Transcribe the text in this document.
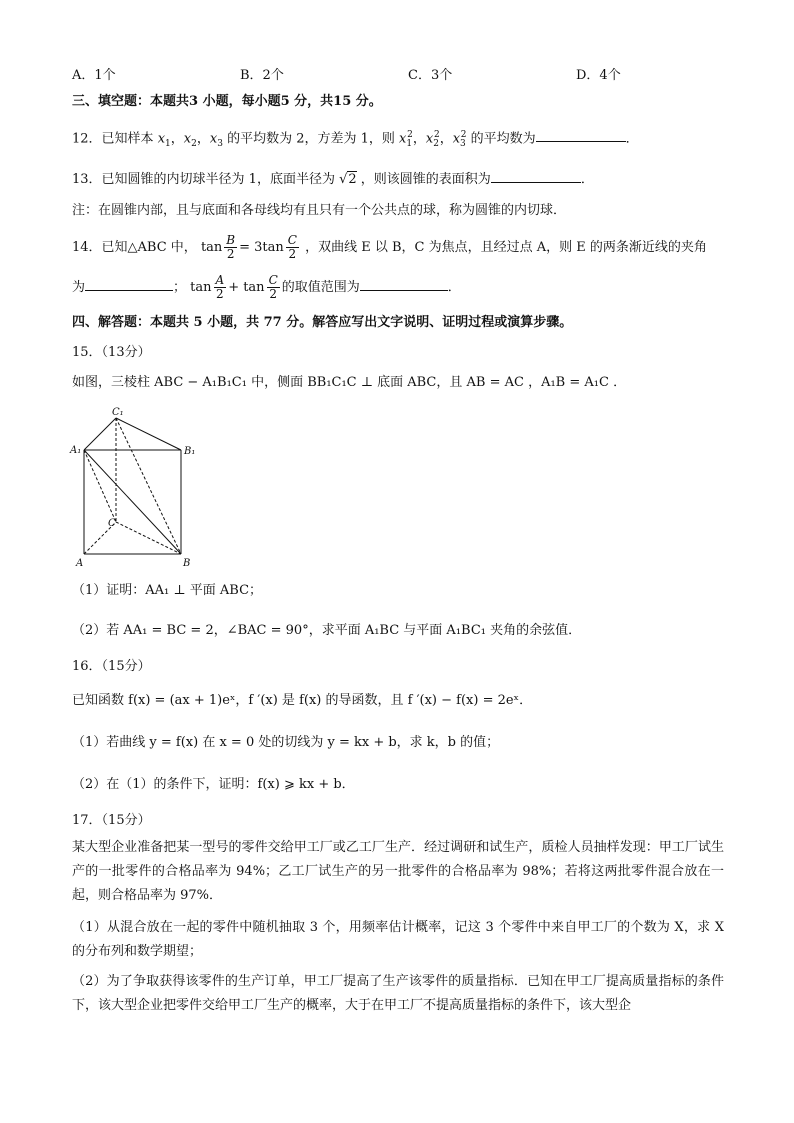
A．1个	B．2个	C．3个	D．4个
三、填空题：本题共3 小题，每小题5 分，共15 分。
12．已知样本 $x_1$，$x_2$，$x_3$ 的平均数为 2，方差为 1，则 $x_1^2$，$x_2^2$，$x_3^2$ 的平均数为	．
13．已知圆锥的内切球半径为 1，底面半径为 √2 ，则该圆锥的表面积为	．
注：在圆锥内部，且与底面和各母线均有且只有一个公共点的球，称为圆锥的内切球．
14．已知△ABC 中， $\tan \frac{B}{2} = 3\tan \frac{C}{2}$ ，双曲线 E 以 B，C 为焦点，且经过点 A，则 E 的两条渐近线的夹角
为	； $\tan \frac{A}{2} + \tan \frac{C}{2}$ 的取值范围为	．
四、解答题：本题共 5 小题，共 77 分。解答应写出文字说明、证明过程或演算步骤。
15．（13分）
如图，三棱柱 ABC − A₁B₁C₁ 中，侧面 BB₁C₁C ⊥ 底面 ABC，且 AB = AC ，A₁B = A₁C ．
C₁
A₁	B₁
C
A	B
（1）证明：AA₁ ⊥ 平面 ABC；
（2）若 AA₁ = BC = 2，∠BAC = 90°，求平面 A₁BC 与平面 A₁BC₁ 夹角的余弦值．
16．（15分）
已知函数 f(x) = (ax + 1)eˣ，f ′(x) 是 f(x) 的导函数，且 f ′(x) − f(x) = 2eˣ．
（1）若曲线 y = f(x) 在 x = 0 处的切线为 y = kx + b，求 k，b 的值；
（2）在（1）的条件下，证明：f(x) ⩾ kx + b．
17．（15分）
某大型企业准备把某一型号的零件交给甲工厂或乙工厂生产．经过调研和试生产，质检人员抽样发现：甲工厂试生产的一批零件的合格品率为 94%；乙工厂试生产的另一批零件的合格品率为 98%；若将这两批零件混合放在一起，则合格品率为 97%．
（1）从混合放在一起的零件中随机抽取 3 个，用频率估计概率，记这 3 个零件中来自甲工厂的个数为 X，求 X 的分布列和数学期望；
（2）为了争取获得该零件的生产订单，甲工厂提高了生产该零件的质量指标．已知在甲工厂提高质量指标的条件下，该大型企业把零件交给甲工厂生产的概率，大于在甲工厂不提高质量指标的条件下，该大型企
